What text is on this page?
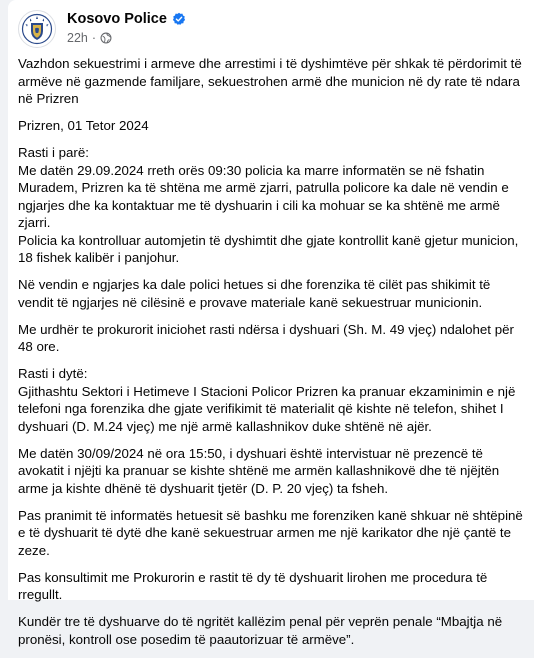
Kosovo Police
22h ·

Vazhdon sekuestrimi i armeve dhe arrestimi i të dyshimtëve për shkak të përdorimit të armëve në gazmende familjare, sekuestrohen armë dhe municion në dy rate të ndara në Prizren

Prizren, 01 Tetor 2024

Rasti i parë:
Me datën 29.09.2024 rreth orës 09:30 policia ka marre informatën se në fshatin Muradem, Prizren ka të shtëna me armë zjarri, patrulla policore ka dale në vendin e ngjarjes dhe ka kontaktuar me të dyshuarin i cili ka mohuar se ka shtënë me armë zjarri.
Policia ka kontrolluar automjetin të dyshimtit dhe gjate kontrollit kanë gjetur municion, 18 fishek kalibër i panjohur.

Në vendin e ngjarjes ka dale polici hetues si dhe forenzika të cilët pas shikimit të vendit të ngjarjes në cilësinë e provave materiale kanë sekuestruar municionin.

Me urdhër te prokurorit iniciohet rasti ndërsa i dyshuari (Sh. M. 49 vjeç) ndalohet për 48 ore.

Rasti i dytë:
Gjithashtu Sektori i Hetimeve I Stacioni Policor Prizren ka pranuar ekzaminimin e një telefoni nga forenzika dhe gjate verifikimit të materialit që kishte në telefon, shihet I dyshuari (D. M.24 vjeç) me një armë kallashnikov duke shtënë në ajër.

Me datën 30/09/2024 në ora 15:50, i dyshuari është intervistuar në prezencë të avokatit i njëjti ka pranuar se kishte shtënë me armën kallashnikovë dhe të njëjtën arme ja kishte dhënë të dyshuarit tjetër (D. P. 20 vjeç) ta fsheh.

Pas pranimit të informatës hetuesit së bashku me forenziken kanë shkuar në shtëpinë e të dyshuarit të dytë dhe kanë sekuestruar armen me një karikator dhe një çantë te zeze.

Pas konsultimit me Prokurorin e rastit të dy të dyshuarit lirohen me procedura të rregullt.

Kundër tre të dyshuarve do të ngritët kallëzim penal për veprën penale “Mbajtja në pronësi, kontroll ose posedim të paautorizuar të armëve”.
